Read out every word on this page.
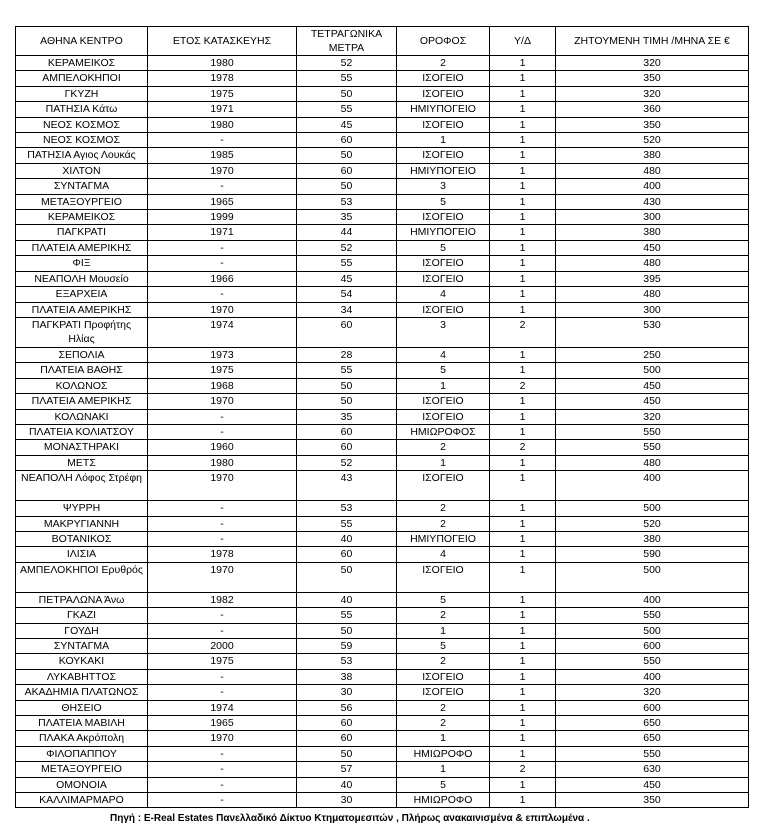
ΑΘΗΝΑ ΚΕΝΤΡΟ	ΕΤΟΣ ΚΑΤΑΣΚΕΥΗΣ	ΤΕΤΡΑΓΩΝΙΚΑ ΜΕΤΡΑ	ΟΡΟΦΟΣ	Υ/Δ	ΖΗΤΟΥΜΕΝΗ ΤΙΜΗ /ΜΗΝΑ ΣΕ €
ΚΕΡΑΜΕΙΚΟΣ	1980	52	2	1	320
ΑΜΠΕΛΟΚΗΠΟΙ	1978	55	ΙΣΟΓΕΙΟ	1	350
ΓΚΥΖΗ	1975	50	ΙΣΟΓΕΙΟ	1	320
ΠΑΤΗΣΙΑ Κάτω	1971	55	ΗΜΙΥΠΟΓΕΙΟ	1	360
ΝΕΟΣ ΚΟΣΜΟΣ	1980	45	ΙΣΟΓΕΙΟ	1	350
ΝΕΟΣ ΚΟΣΜΟΣ	-	60	1	1	520
ΠΑΤΗΣΙΑ Αγιος Λουκάς	1985	50	ΙΣΟΓΕΙΟ	1	380
ΧΙΛΤΟΝ	1970	60	ΗΜΙΥΠΟΓΕΙΟ	1	480
ΣΥΝΤΑΓΜΑ	-	50	3	1	400
ΜΕΤΑΞΟΥΡΓΕΙΟ	1965	53	5	1	430
ΚΕΡΑΜΕΙΚΟΣ	1999	35	ΙΣΟΓΕΙΟ	1	300
ΠΑΓΚΡΑΤΙ	1971	44	ΗΜΙΥΠΟΓΕΙΟ	1	380
ΠΛΑΤΕΙΑ ΑΜΕΡΙΚΗΣ	-	52	5	1	450
ΦΙΞ	-	55	ΙΣΟΓΕΙΟ	1	480
ΝΕΑΠΟΛΗ Μουσείο	1966	45	ΙΣΟΓΕΙΟ	1	395
ΕΞΑΡΧΕΙΑ	-	54	4	1	480
ΠΛΑΤΕΙΑ ΑΜΕΡΙΚΗΣ	1970	34	ΙΣΟΓΕΙΟ	1	300
ΠΑΓΚΡΑΤΙ Προφήτης Ηλίας	1974	60	3	2	530
ΣΕΠΟΛΙΑ	1973	28	4	1	250
ΠΛΑΤΕΙΑ ΒΑΘΗΣ	1975	55	5	1	500
ΚΟΛΩΝΟΣ	1968	50	1	2	450
ΠΛΑΤΕΙΑ ΑΜΕΡΙΚΗΣ	1970	50	ΙΣΟΓΕΙΟ	1	450
ΚΟΛΩΝΑΚΙ	-	35	ΙΣΟΓΕΙΟ	1	320
ΠΛΑΤΕΙΑ ΚΟΛΙΑΤΣΟΥ	-	60	ΗΜΙΩΡΟΦΟΣ	1	550
ΜΟΝΑΣΤΗΡΑΚΙ	1960	60	2	2	550
ΜΕΤΣ	1980	52	1	1	480
ΝΕΑΠΟΛΗ Λόφος Στρέφη	1970	43	ΙΣΟΓΕΙΟ	1	400
ΨΥΡΡΗ	-	53	2	1	500
ΜΑΚΡΥΓΙΑΝΝΗ	-	55	2	1	520
ΒΟΤΑΝΙΚΟΣ	-	40	ΗΜΙΥΠΟΓΕΙΟ	1	380
ΙΛΙΣΙΑ	1978	60	4	1	590
ΑΜΠΕΛΟΚΗΠΟΙ Ερυθρός	1970	50	ΙΣΟΓΕΙΟ	1	500
ΠΕΤΡΑΛΩΝΑ Άνω	1982	40	5	1	400
ΓΚΑΖΙ	-	55	2	1	550
ΓΟΥΔΗ	-	50	1	1	500
ΣΥΝΤΑΓΜΑ	2000	59	5	1	600
ΚΟΥΚΑΚΙ	1975	53	2	1	550
ΛΥΚΑΒΗΤΤΟΣ	-	38	ΙΣΟΓΕΙΟ	1	400
ΑΚΑΔΗΜΙΑ ΠΛΑΤΩΝΟΣ	-	30	ΙΣΟΓΕΙΟ	1	320
ΘΗΣΕΙΟ	1974	56	2	1	600
ΠΛΑΤΕΙΑ ΜΑΒΙΛΗ	1965	60	2	1	650
ΠΛΑΚΑ Ακρόπολη	1970	60	1	1	650
ΦΙΛΟΠΑΠΠΟΥ	-	50	ΗΜΙΩΡΟΦΟ	1	550
ΜΕΤΑΞΟΥΡΓΕΙΟ	-	57	1	2	630
ΟΜΟΝΟΙΑ	-	40	5	1	450
ΚΑΛΛΙΜΑΡΜΑΡΟ	-	30	ΗΜΙΩΡΟΦΟ	1	350
Πηγή : E-Real Estates Πανελλαδικό Δίκτυο Κτηματομεσιτών , Πλήρως ανακαινισμένα & επιπλωμένα .
